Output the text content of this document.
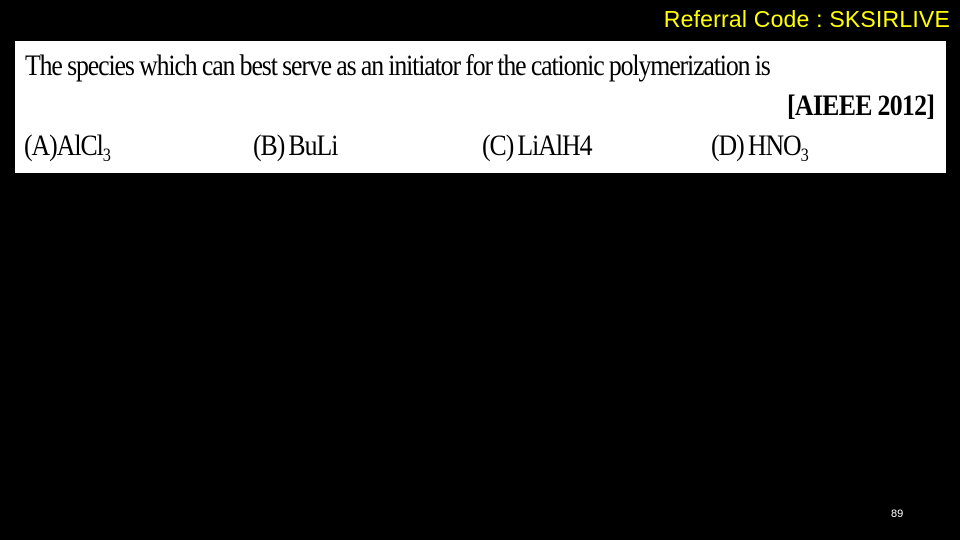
Referral Code : SKSIRLIVE
The species which can best serve as an initiator for the cationic polymerization is
[AIEEE 2012]
(A)AlCl$_3$	(B)  BuLi	(C)  LiAlH4	(D)  $HNO_3$
89
